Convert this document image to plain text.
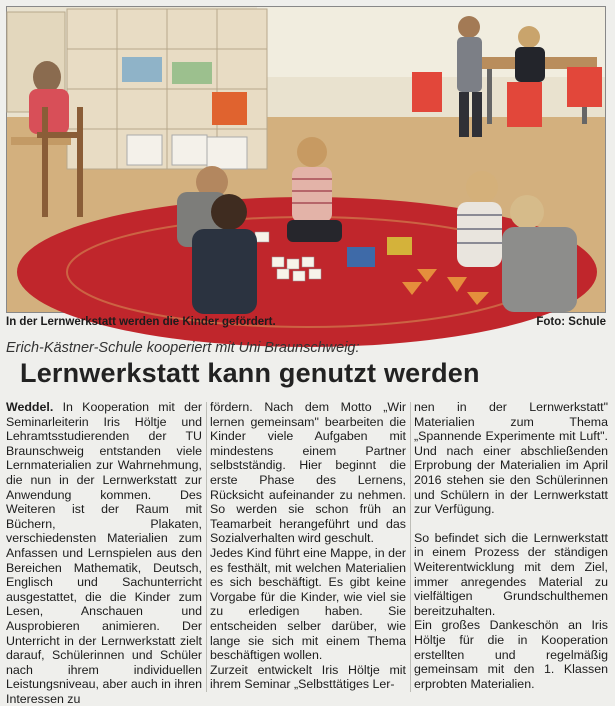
In der Lernwerkstatt werden die Kinder gefördert.	Foto: Schule
Erich-Kästner-Schule kooperiert mit Uni Braunschweig:
Lernwerkstatt kann genutzt werden

Weddel. In Kooperation mit der Seminarleiterin Iris Höltje und Lehramtsstudierenden der TU Braunschweig entstanden viele Lernmaterialien zur Wahrnehmung, die nun in der Lernwerkstatt zur Anwendung kommen. Des Weiteren ist der Raum mit Büchern, Plakaten, verschiedensten Materialien zum Anfassen und Lernspielen aus den Bereichen Mathematik, Deutsch, Englisch und Sachunterricht ausgestattet, die die Kinder zum Lesen, Anschauen und Ausprobieren animieren. Der Unterricht in der Lernwerkstatt zielt darauf, Schülerinnen und Schüler nach ihrem individuellen Leistungsniveau, aber auch in ihren Interessen zu

fördern. Nach dem Motto „Wir lernen gemeinsam" bearbeiten die Kinder viele Aufgaben mit mindestens einem Partner selbstständig. Hier beginnt die erste Phase des Lernens, Rücksicht aufeinander zu nehmen. So werden sie schon früh an Teamarbeit herangeführt und das Sozialverhalten wird geschult.

Jedes Kind führt eine Mappe, in der es festhält, mit welchen Materialien es sich beschäftigt. Es gibt keine Vorgabe für die Kinder, wie viel sie zu erledigen haben. Sie entscheiden selber darüber, wie lange sie sich mit einem Thema beschäftigen wollen.

Zurzeit entwickelt Iris Höltje mit ihrem Seminar „Selbsttätiges Ler-

nen in der Lernwerkstatt" Materialien zum Thema „Spannende Experimente mit Luft". Und nach einer abschließenden Erprobung der Materialien im April 2016 stehen sie den Schülerinnen und Schülern in der Lernwerkstatt zur Verfügung.

So befindet sich die Lernwerkstatt in einem Prozess der ständigen Weiterentwicklung mit dem Ziel, immer anregendes Material zu vielfältigen Grundschulthemen bereitzuhalten.

Ein großes Dankeschön an Iris Höltje für die in Kooperation erstellten und regelmäßig gemeinsam mit den 1. Klassen erprobten Materialien.
